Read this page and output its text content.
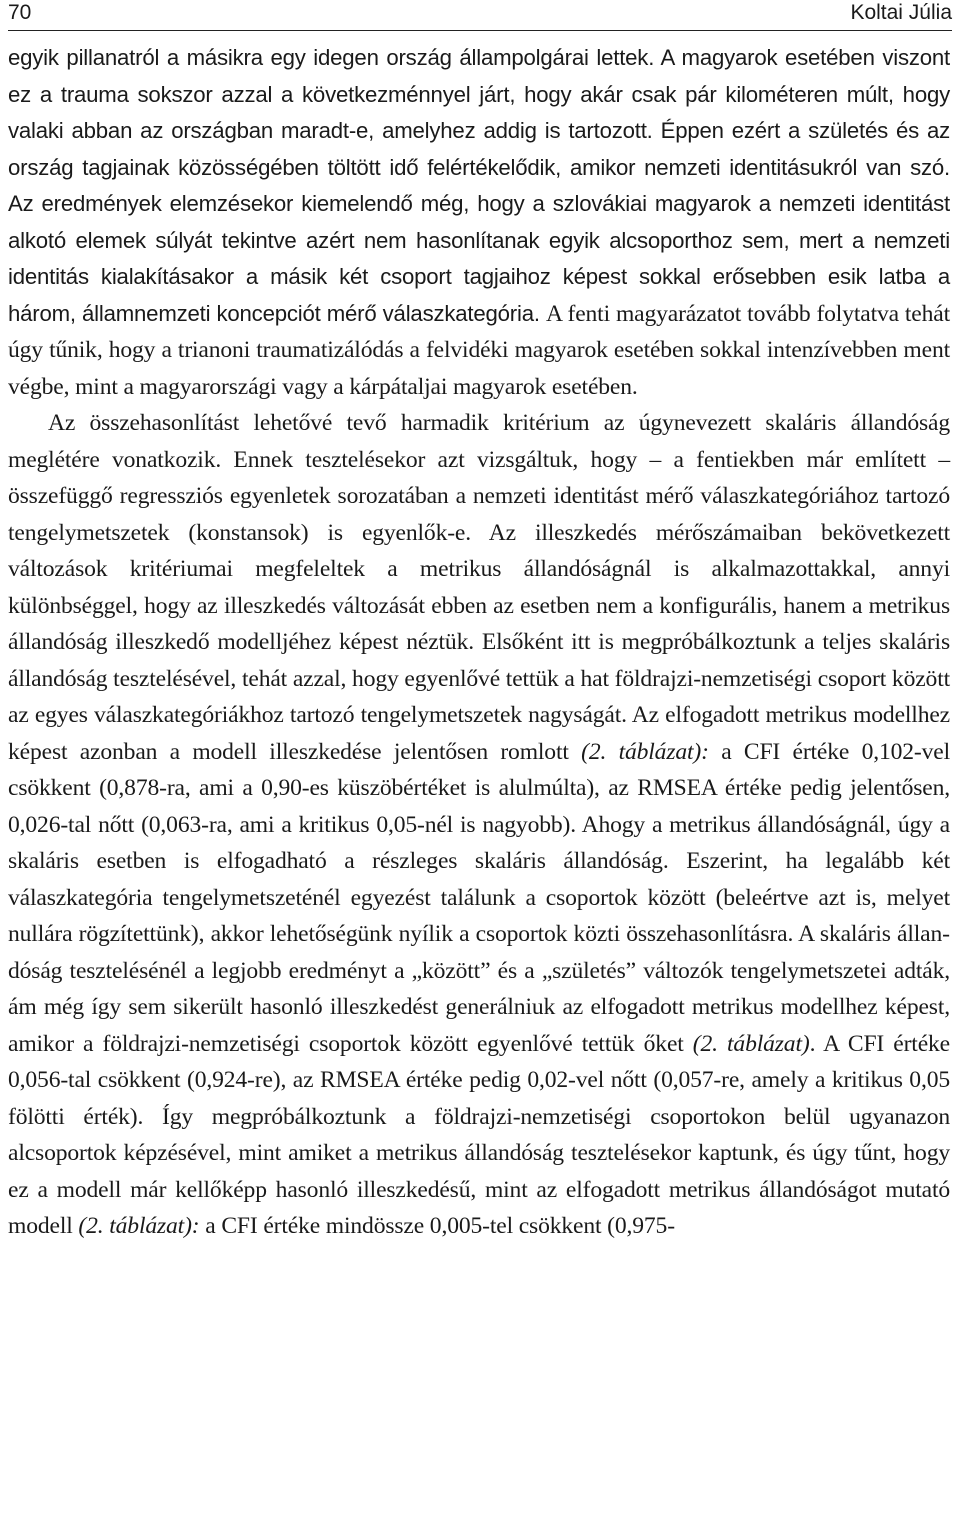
70	Koltai Júlia

egyik pillanatról a másikra egy idegen ország állampolgárai lettek. A magyarok esetében viszont ez a trauma sokszor azzal a következménnyel járt, hogy akár csak pár kilométeren múlt, hogy valaki abban az országban maradt-e, amelyhez addig is tartozott. Éppen ezért a születés és az ország tagjainak közösségében töltött idő felértékelődik, amikor nemzeti identitásukról van szó. Az eredmények elemzésekor kiemelendő még, hogy a szlovákiai magyarok a nemzeti identitást alkotó elemek súlyát tekintve azért nem hasonlítanak egyik alcsoporthoz sem, mert a nemzeti identitás kialakításakor a másik két csoport tagjaihoz képest sokkal erősebben esik latba a három, államnemzeti koncepciót mérő válaszkategória. A fenti magyarázatot tovább folytatva tehát úgy tűnik, hogy a trianoni traumatizálódás a felvidéki magyarok esetében sokkal intenzívebben ment végbe, mint a magyarországi vagy a kárpátaljai magyarok esetében.

Az összehasonlítást lehetővé tevő harmadik kritérium az úgynevezett skaláris állandóság meglétére vonatkozik. Ennek tesztelésekor azt vizsgáltuk, hogy – a fentiekben már említett – összefüggő regressziós egyenletek sorozatában a nemzeti identitást mérő válaszkategóriához tartozó tengelymetszetek (konstansok) is egyenlők-e. Az illeszkedés mérőszámaiban bekövetkezett változások kritériumai megfeleltek a metrikus állandóságnál is alkalmazottakkal, annyi különbséggel, hogy az illeszkedés változását ebben az esetben nem a konfigurális, hanem a metrikus állandóság illeszkedő modelljéhez képest néztük. Elsőként itt is megpróbálkoztunk a teljes skaláris állandóság tesztelésével, tehát azzal, hogy egyenlővé tettük a hat földrajzi-nemzetiségi csoport között az egyes válaszkategóriákhoz tartozó tengelymetszetek nagyságát. Az elfogadott metrikus modellhez képest azonban a modell illeszkedése jelentősen romlott (2. táblázat): a CFI értéke 0,102-vel csökkent (0,878-ra, ami a 0,90-es küszöbértéket is alulmúlta), az RMSEA értéke pedig jelentősen, 0,026-tal nőtt (0,063-ra, ami a kritikus 0,05-nél is nagyobb). Ahogy a metrikus állandóságnál, úgy a skaláris esetben is elfogadható a részleges skaláris állandóság. Eszerint, ha legalább két válaszkategória tengelymetszeténél egyezést találunk a csoportok között (beleértve azt is, melyet nullára rögzítettünk), akkor lehetőségünk nyílik a csoportok közti összehasonlításra. A skaláris állandóság tesztelésénél a legjobb eredményt a „között” és a „születés” változók tengelymetszetei adták, ám még így sem sikerült hasonló illeszkedést generálniuk az elfogadott metrikus modellhez képest, amikor a földrajzi-nemzetiségi csoportok között egyenlővé tettük őket (2. táblázat). A CFI értéke 0,056-tal csökkent (0,924-re), az RMSEA értéke pedig 0,02-vel nőtt (0,057-re, amely a kritikus 0,05 fölötti érték). Így megpróbálkoztunk a földrajzi-nemzetiségi csoportokon belül ugyanazon alcsoportok képzésével, mint amiket a metrikus állandóság tesztelésekor kaptunk, és úgy tűnt, hogy ez a modell már kellőképp hasonló illeszkedésű, mint az elfogadott metrikus állandóságot mutató modell (2. táblázat): a CFI értéke mindössze 0,005-tel csökkent (0,975-
